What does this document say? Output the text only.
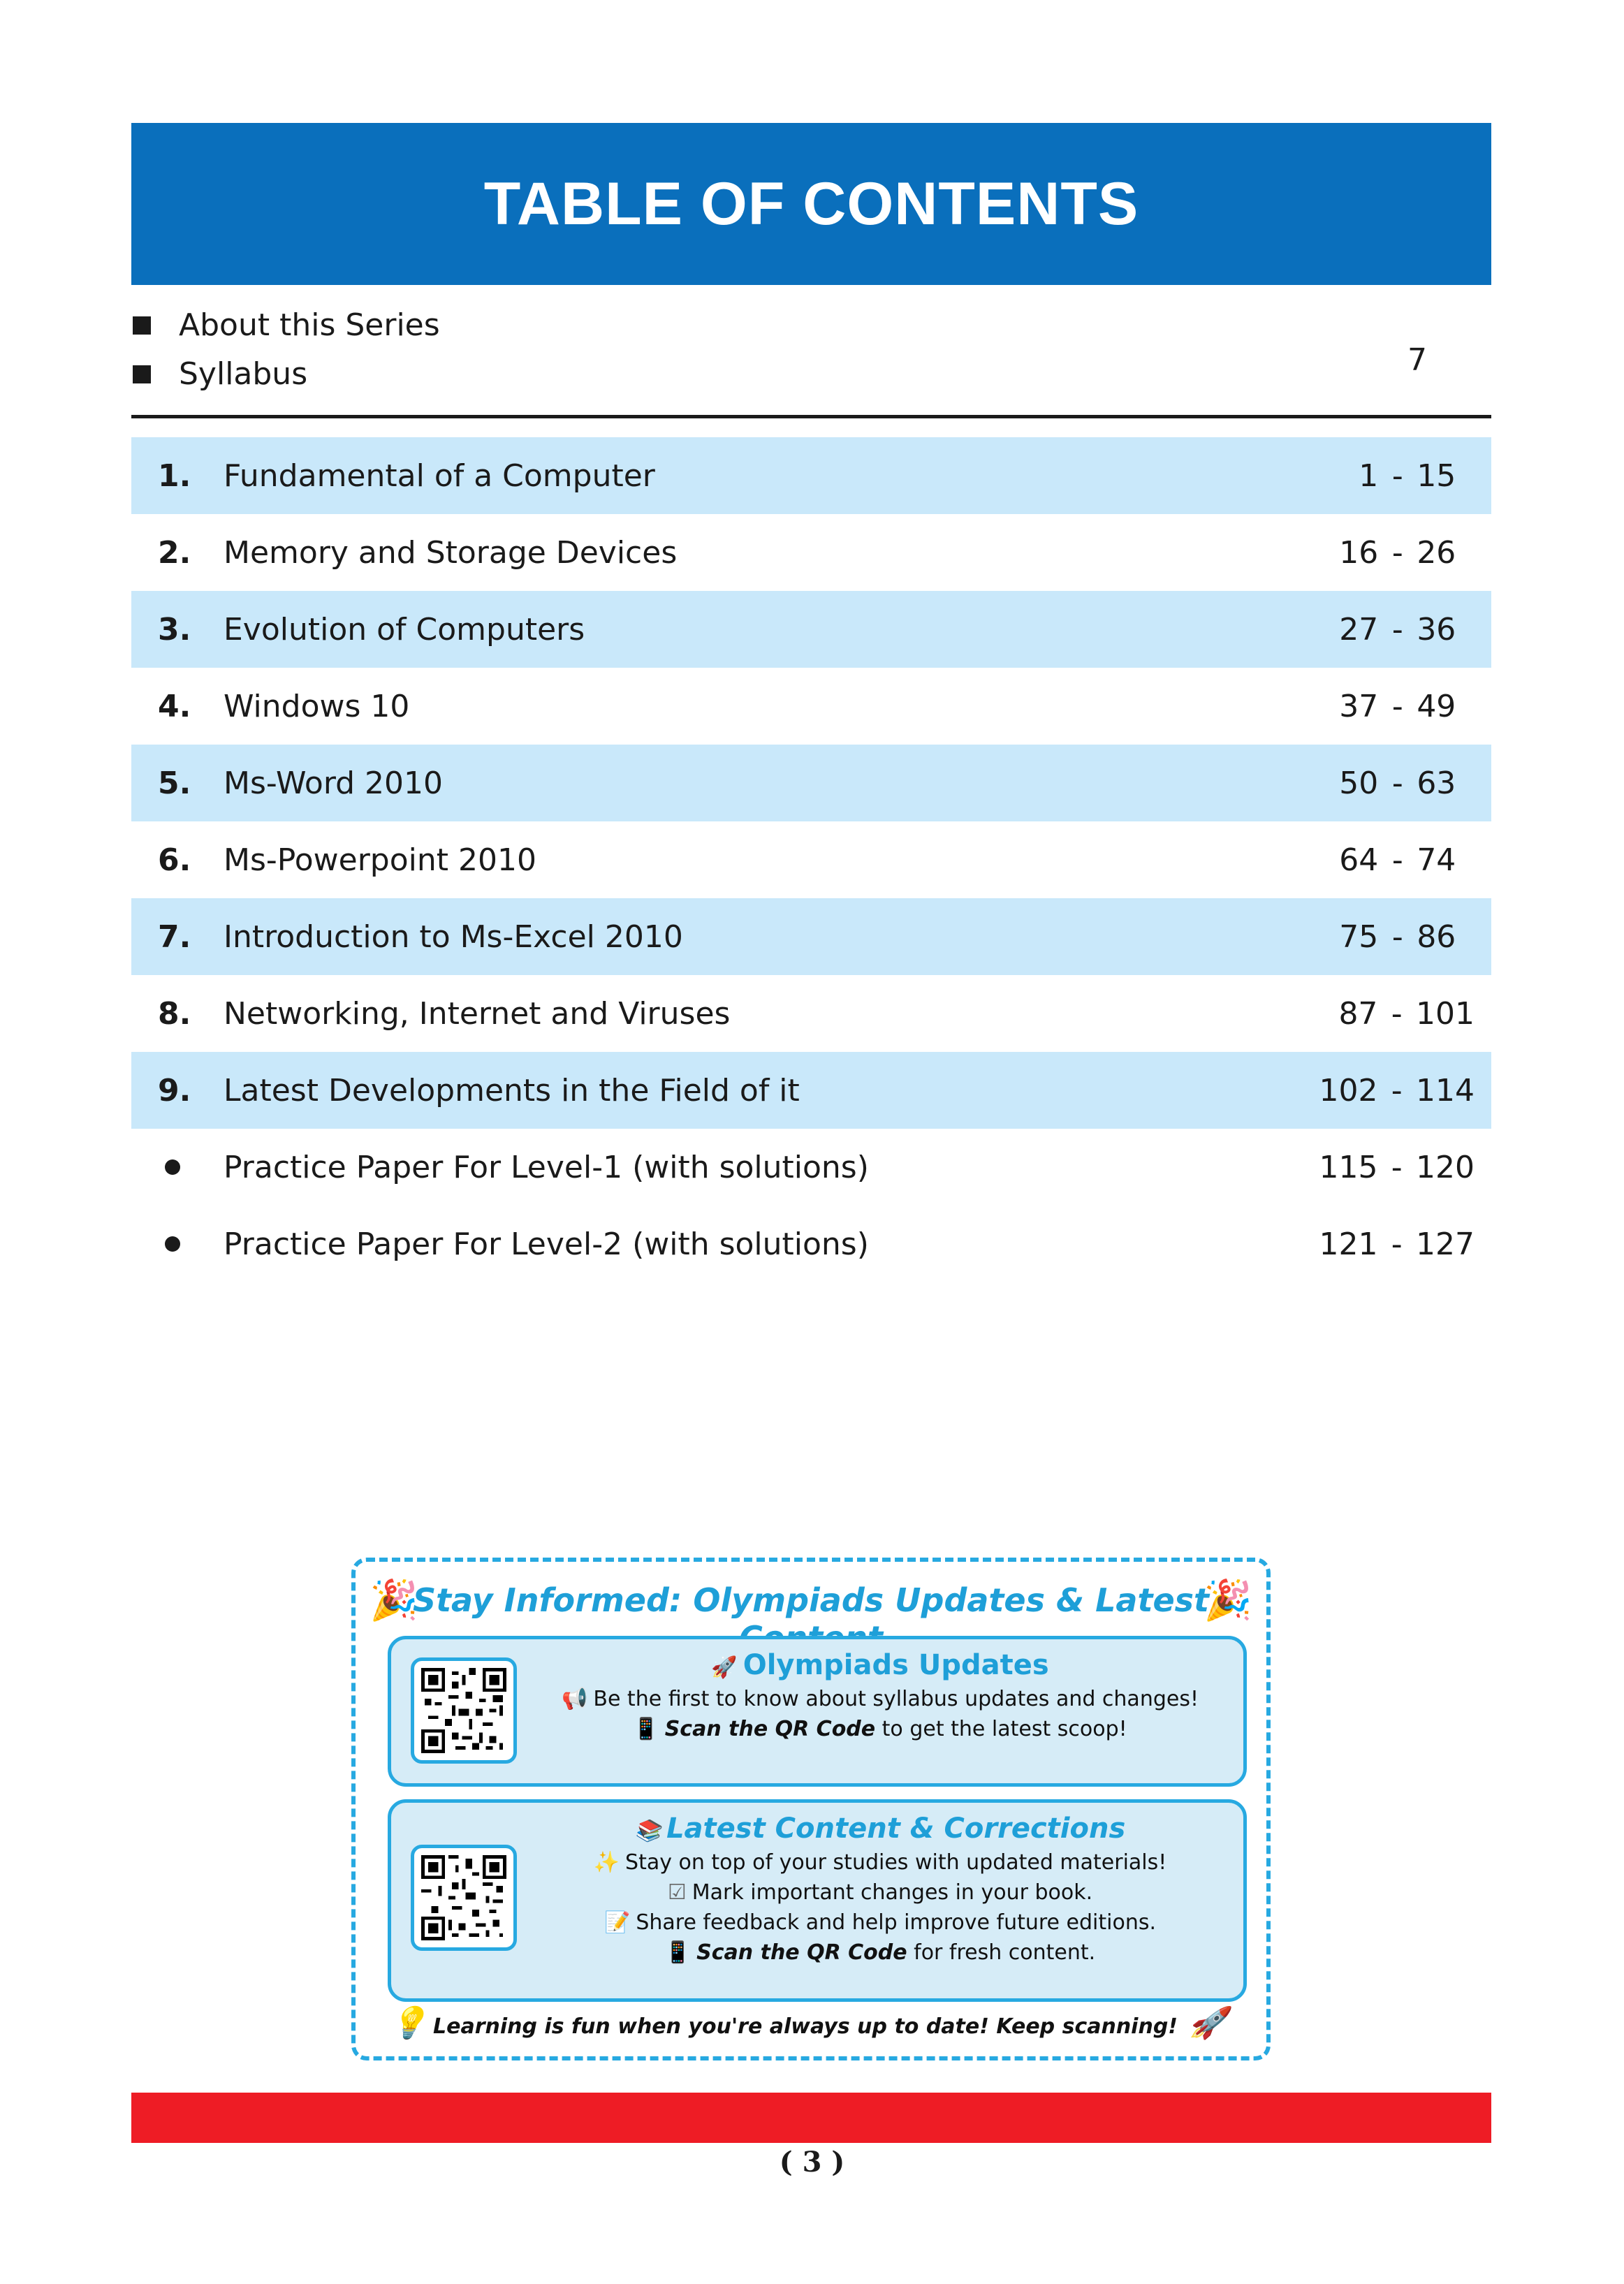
TABLE OF CONTENTS
About this Series
Syllabus	7
1.	Fundamental of a Computer	1 - 15
2.	Memory and Storage Devices	16 - 26
3.	Evolution of Computers	27 - 36
4.	Windows 10	37 - 49
5.	Ms-Word 2010	50 - 63
6.	Ms-Powerpoint 2010	64 - 74
7.	Introduction to Ms-Excel 2010	75 - 86
8.	Networking, Internet and Viruses	87 - 101
9.	Latest Developments in the Field of it	102 - 114
Practice Paper For Level-1 (with solutions)	115 - 120
Practice Paper For Level-2 (with solutions)	121 - 127
🎉
Stay Informed: Olympiads Updates & Latest
🎉
🚀 Olympiads Updates
📢 Be the first to know about syllabus updates and changes!
📱 Scan the QR Code to get the latest scoop!
📚 Latest Content & Corrections
✨ Stay on top of your studies with updated materials!
☑ Mark important changes in your book.
📝 Share feedback and help improve future editions.
📱 Scan the QR Code for fresh content.
💡 Learning is fun when you're always up to date! Keep scanning! 🚀
( 3 )
